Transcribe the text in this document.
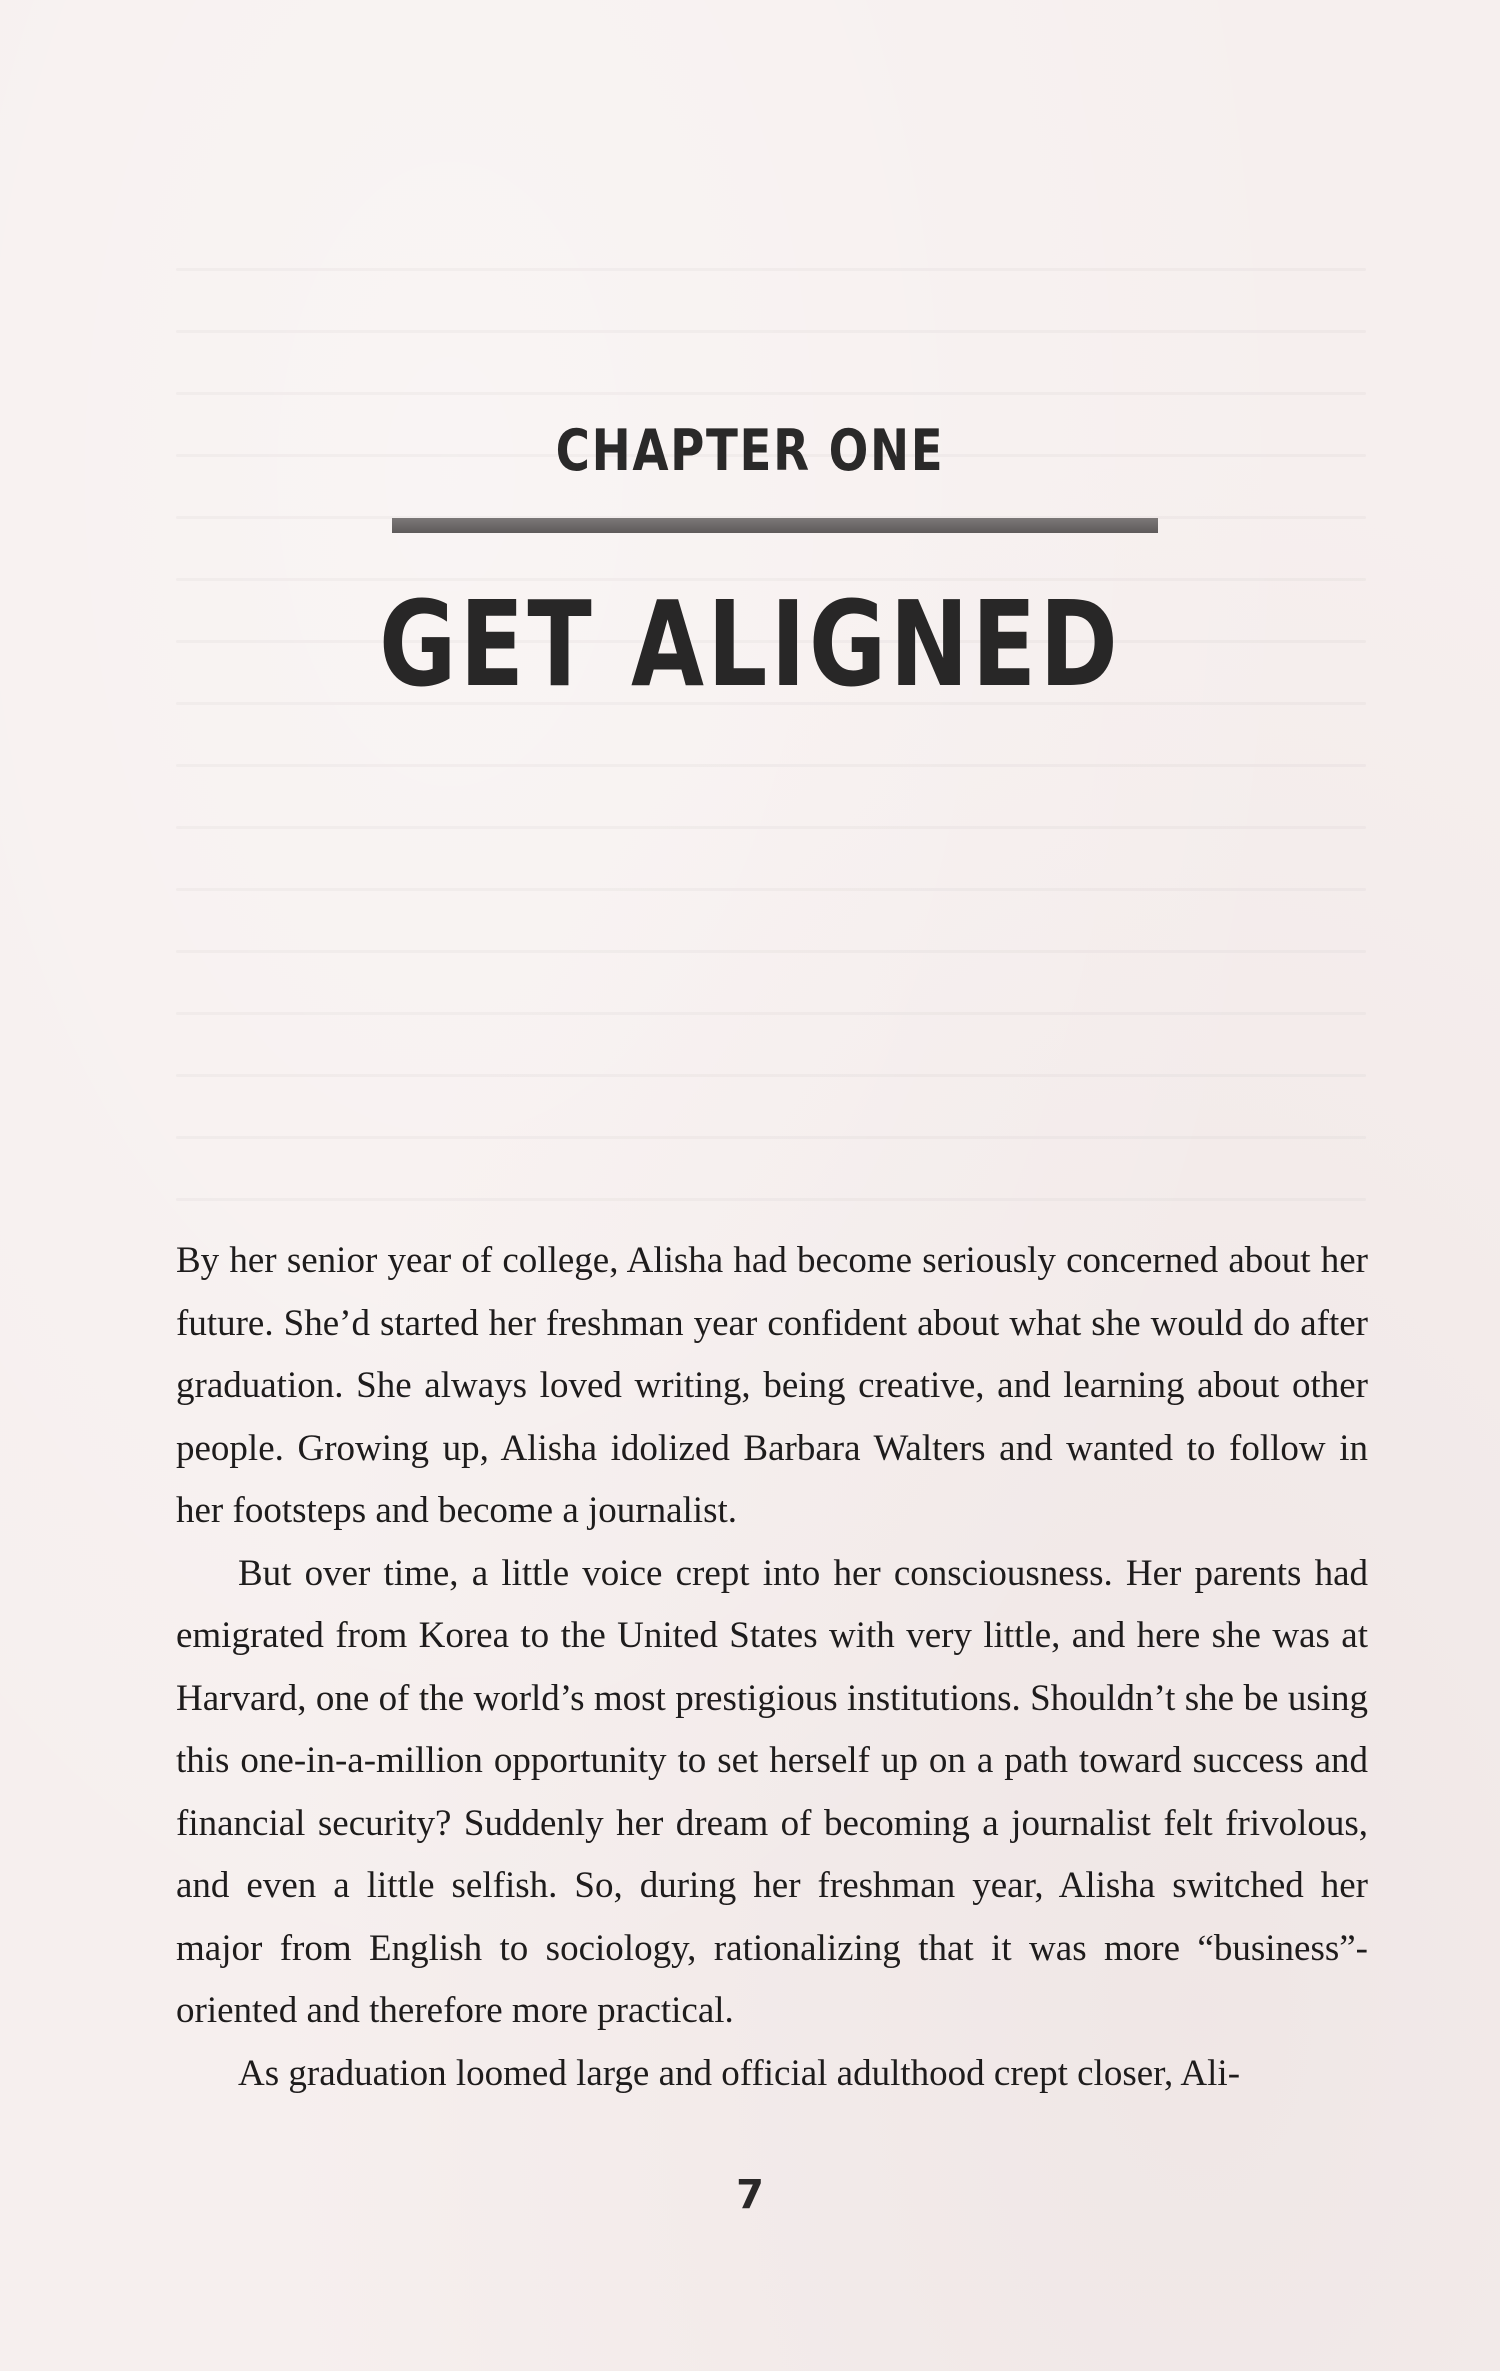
CHAPTER ONE
GET ALIGNED

By her senior year of college, Alisha had become seriously concerned about her future. She’d started her freshman year confident about what she would do after graduation. She always loved writing, being creative, and learning about other people. Growing up, Alisha idolized Barbara Walters and wanted to follow in her footsteps and become a journalist.

But over time, a little voice crept into her consciousness. Her parents had emigrated from Korea to the United States with very little, and here she was at Harvard, one of the world’s most prestigious institutions. Shouldn’t she be using this one-in-a-million opportunity to set herself up on a path toward success and financial security? Suddenly her dream of becoming a journalist felt frivolous, and even a little selfish. So, during her freshman year, Alisha switched her major from English to sociology, rationalizing that it was more “business”-oriented and therefore more practical.

As graduation loomed large and official adulthood crept closer, Ali-

7
